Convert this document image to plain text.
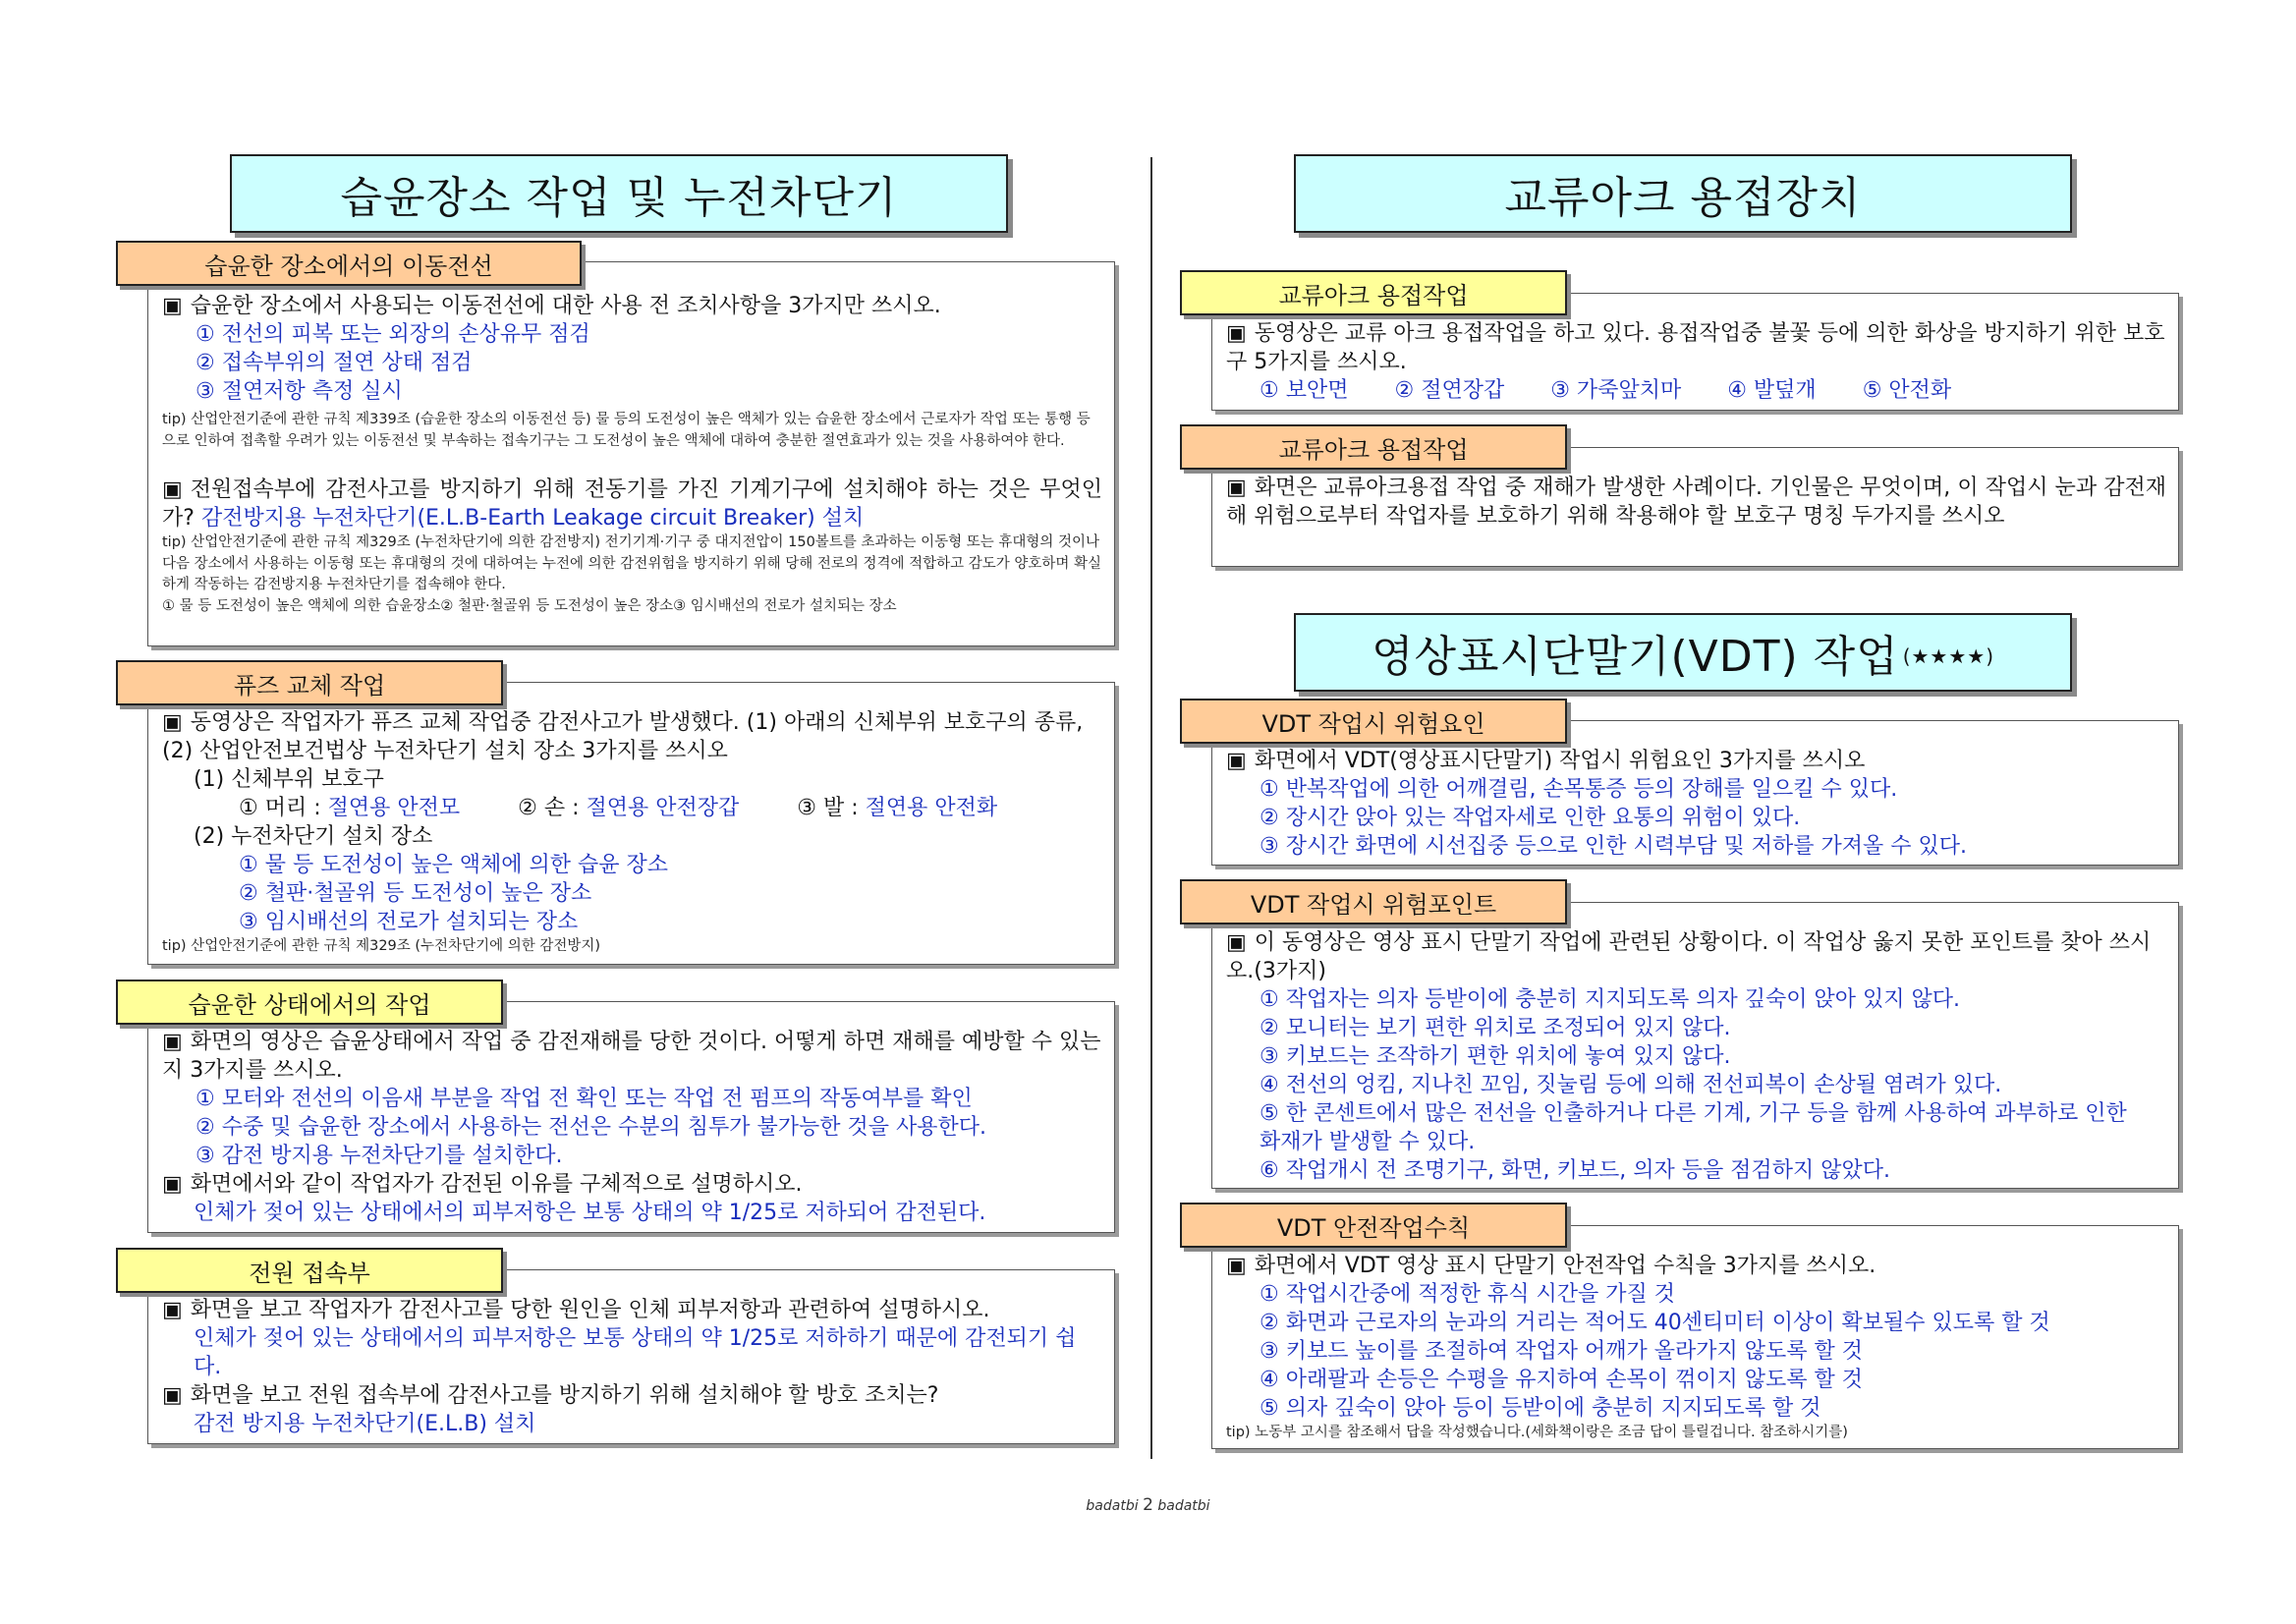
습윤장소 작업 및 누전차단기	교류아크 용접장치
영상표시단말기(VDT) 작업 (★★★★)
습윤한 장소에서의 이동전선
▣ 습윤한 장소에서 사용되는 이동전선에 대한 사용 전 조치사항을 3가지만 쓰시오.
① 전선의 피복 또는 외장의 손상유무 점검
② 접속부위의 절연 상태 점검
③ 절연저항 측정 실시
tip) 산업안전기준에 관한 규칙 제339조 (습윤한 장소의 이동전선 등) 물 등의 도전성이 높은 액체가 있는 습윤한 장소에서 근로자가 작업 또는 통행 등으로 인하여 접촉할 우려가 있는 이동전선 및 부속하는 접속기구는 그 도전성이 높은 액체에 대하여 충분한 절연효과가 있는 것을 사용하여야 한다.
▣ 전원접속부에 감전사고를 방지하기 위해 전동기를 가진 기계기구에 설치해야 하는 것은 무엇인가? 감전방지용 누전차단기(E.L.B-Earth Leakage circuit Breaker) 설치
tip) 산업안전기준에 관한 규칙 제329조 (누전차단기에 의한 감전방지) 전기기계·기구 중 대지전압이 150볼트를 초과하는 이동형 또는 휴대형의 것이나 다음 장소에서 사용하는 이동형 또는 휴대형의 것에 대하여는 누전에 의한 감전위험을 방지하기 위해 당해 전로의 정격에 적합하고 감도가 양호하며 확실하게 작동하는 감전방지용 누전차단기를 접속해야 한다.
① 물 등 도전성이 높은 액체에 의한 습윤장소② 철판·철골위 등 도전성이 높은 장소③ 임시배선의 전로가 설치되는 장소
퓨즈 교체 작업
▣ 동영상은 작업자가 퓨즈 교체 작업중 감전사고가 발생했다. (1) 아래의 신체부위 보호구의 종류, (2) 산업안전보건법상 누전차단기 설치 장소 3가지를 쓰시오
(1) 신체부위 보호구
① 머리 : 절연용 안전모	② 손 : 절연용 안전장갑	③ 발 : 절연용 안전화
(2) 누전차단기 설치 장소
① 물 등 도전성이 높은 액체에 의한 습윤 장소
② 철판·철골위 등 도전성이 높은 장소
③ 임시배선의 전로가 설치되는 장소
tip) 산업안전기준에 관한 규칙 제329조 (누전차단기에 의한 감전방지)
습윤한 상태에서의 작업
▣ 화면의 영상은 습윤상태에서 작업 중 감전재해를 당한 것이다. 어떻게 하면 재해를 예방할 수 있는지 3가지를 쓰시오.
① 모터와 전선의 이음새 부분을 작업 전 확인 또는 작업 전 펌프의 작동여부를 확인
② 수중 및 습윤한 장소에서 사용하는 전선은 수분의 침투가 불가능한 것을 사용한다.
③ 감전 방지용 누전차단기를 설치한다.
▣ 화면에서와 같이 작업자가 감전된 이유를 구체적으로 설명하시오.
인체가 젖어 있는 상태에서의 피부저항은 보통 상태의 약 1/25로 저하되어 감전된다.
전원 접속부
▣ 화면을 보고 작업자가 감전사고를 당한 원인을 인체 피부저항과 관련하여 설명하시오.
인체가 젖어 있는 상태에서의 피부저항은 보통 상태의 약 1/25로 저하하기 때문에 감전되기 쉽다.
▣ 화면을 보고 전원 접속부에 감전사고를 방지하기 위해 설치해야 할 방호 조치는?
감전 방지용 누전차단기(E.L.B) 설치
교류아크 용접작업
▣ 동영상은 교류 아크 용접작업을 하고 있다. 용접작업중 불꽃 등에 의한 화상을 방지하기 위한 보호구 5가지를 쓰시오.
① 보안면 ② 절연장갑 ③ 가죽앞치마 ④ 발덮개 ⑤ 안전화
교류아크 용접작업
▣ 화면은 교류아크용접 작업 중 재해가 발생한 사례이다. 기인물은 무엇이며, 이 작업시 눈과 감전재해 위험으로부터 작업자를 보호하기 위해 착용해야 할 보호구 명칭 두가지를 쓰시오
VDT 작업시 위험요인
▣ 화면에서 VDT(영상표시단말기) 작업시 위험요인 3가지를 쓰시오
① 반복작업에 의한 어깨결림, 손목통증 등의 장해를 일으킬 수 있다.
② 장시간 앉아 있는 작업자세로 인한 요통의 위험이 있다.
③ 장시간 화면에 시선집중 등으로 인한 시력부담 및 저하를 가져올 수 있다.
VDT 작업시 위험포인트
▣ 이 동영상은 영상 표시 단말기 작업에 관련된 상황이다. 이 작업상 옳지 못한 포인트를 찾아 쓰시오.(3가지)
① 작업자는 의자 등받이에 충분히 지지되도록 의자 깊숙이 앉아 있지 않다.
② 모니터는 보기 편한 위치로 조정되어 있지 않다.
③ 키보드는 조작하기 편한 위치에 놓여 있지 않다.
④ 전선의 엉킴, 지나친 꼬임, 짓눌림 등에 의해 전선피복이 손상될 염려가 있다.
⑤ 한 콘센트에서 많은 전선을 인출하거나 다른 기계, 기구 등을 함께 사용하여 과부하로 인한 화재가 발생할 수 있다.
⑥ 작업개시 전 조명기구, 화면, 키보드, 의자 등을 점검하지 않았다.
VDT 안전작업수칙
▣ 화면에서 VDT 영상 표시 단말기 안전작업 수칙을 3가지를 쓰시오.
① 작업시간중에 적정한 휴식 시간을 가질 것
② 화면과 근로자의 눈과의 거리는 적어도 40센티미터 이상이 확보될수 있도록 할 것
③ 키보드 높이를 조절하여 작업자 어깨가 올라가지 않도록 할 것
④ 아래팔과 손등은 수평을 유지하여 손목이 꺾이지 않도록 할 것
⑤ 의자 깊숙이 앉아 등이 등받이에 충분히 지지되도록 할 것
tip) 노동부 고시를 참조해서 답을 작성했습니다.(세화책이랑은 조금 답이 틀릴겁니다. 참조하시기를)
badatbi 2 badatbi
